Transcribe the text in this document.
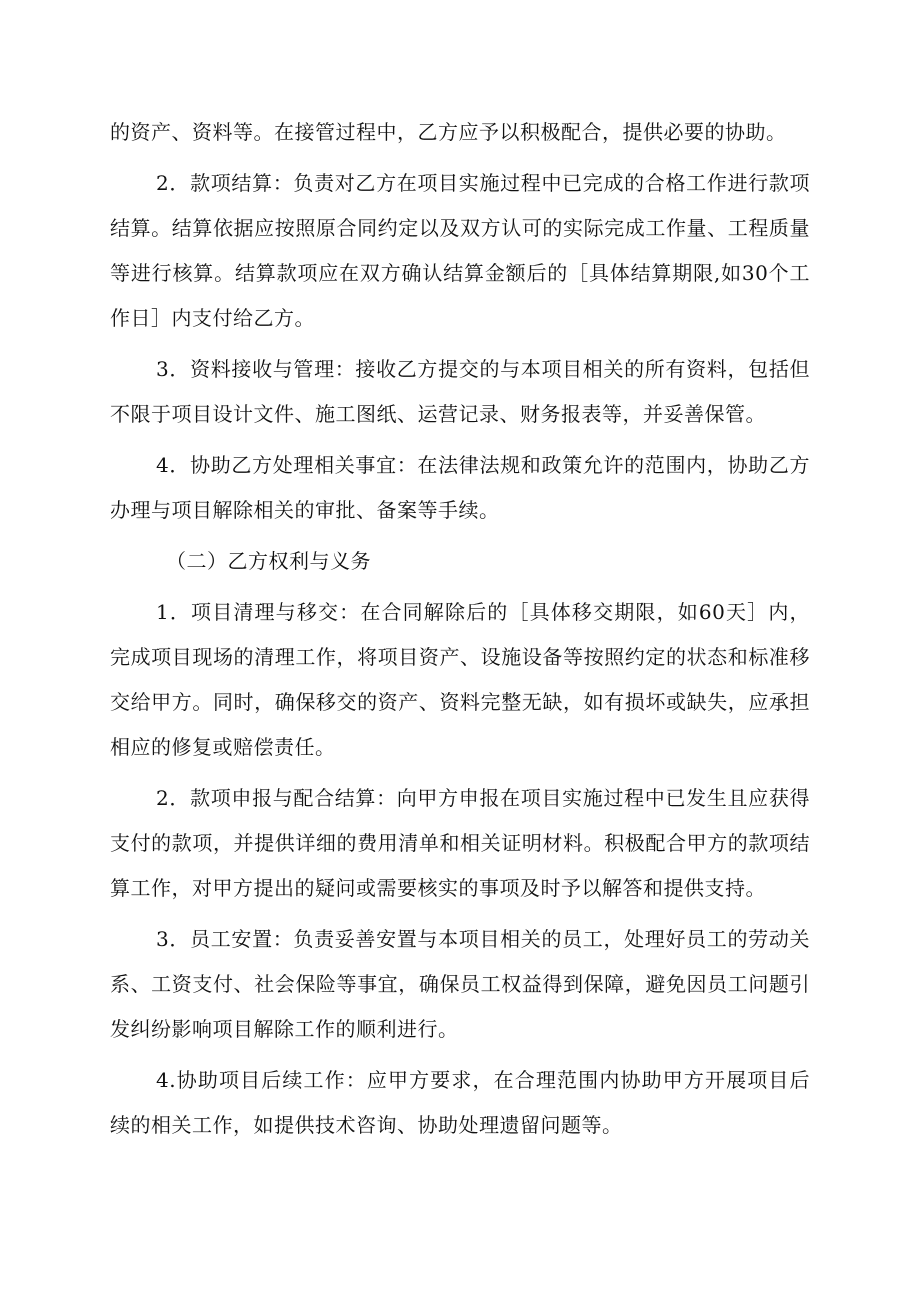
的资产、资料等。在接管过程中，乙方应予以积极配合，提供必要的协助。

2．款项结算：负责对乙方在项目实施过程中已完成的合格工作进行款项结算。结算依据应按照原合同约定以及双方认可的实际完成工作量、工程质量等进行核算。结算款项应在双方确认结算金额后的［具体结算期限,如30个工作日］内支付给乙方。

3．资料接收与管理：接收乙方提交的与本项目相关的所有资料，包括但不限于项目设计文件、施工图纸、运营记录、财务报表等，并妥善保管。

4．协助乙方处理相关事宜：在法律法规和政策允许的范围内，协助乙方办理与项目解除相关的审批、备案等手续。

（二）乙方权利与义务

1．项目清理与移交：在合同解除后的［具体移交期限，如60天］内，完成项目现场的清理工作，将项目资产、设施设备等按照约定的状态和标准移交给甲方。同时，确保移交的资产、资料完整无缺，如有损坏或缺失，应承担相应的修复或赔偿责任。

2．款项申报与配合结算：向甲方申报在项目实施过程中已发生且应获得支付的款项，并提供详细的费用清单和相关证明材料。积极配合甲方的款项结算工作，对甲方提出的疑问或需要核实的事项及时予以解答和提供支持。

3．员工安置：负责妥善安置与本项目相关的员工，处理好员工的劳动关系、工资支付、社会保险等事宜，确保员工权益得到保障，避免因员工问题引发纠纷影响项目解除工作的顺利进行。

4.协助项目后续工作：应甲方要求，在合理范围内协助甲方开展项目后续的相关工作，如提供技术咨询、协助处理遗留问题等。
